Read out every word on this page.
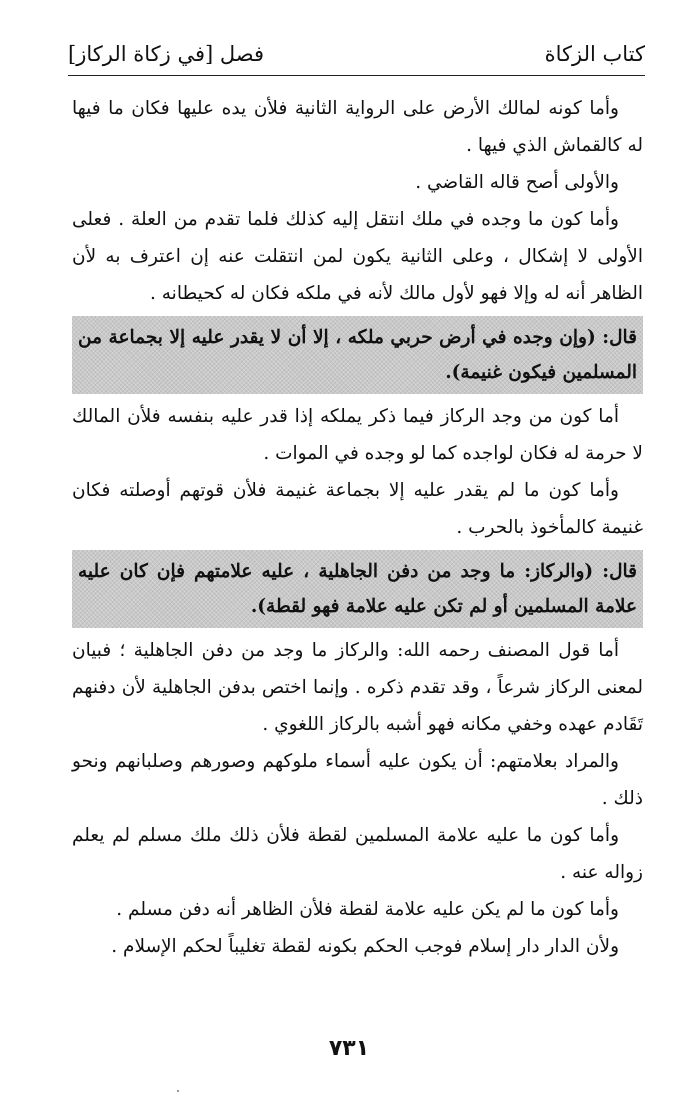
كتاب الزكاة
فصل [في زكاة الركاز]

وأما كونه لمالك الأرض على الرواية الثانية فلأن يده عليها فكان ما فيها له كالقماش الذي فيها .

والأولى أصح قاله القاضي .

وأما كون ما وجده في ملك انتقل إليه كذلك فلما تقدم من العلة . فعلى الأولى لا إشكال ، وعلى الثانية يكون لمن انتقلت عنه إن اعترف به لأن الظاهر أنه له وإلا فهو لأول مالك لأنه في ملكه فكان له كحيطانه .

قال: (وإن وجده في أرض حربي ملكه ، إلا أن لا يقدر عليه إلا بجماعة من المسلمين فيكون غنيمة).

أما كون من وجد الركاز فيما ذكر يملكه إذا قدر عليه بنفسه فلأن المالك لا حرمة له فكان لواجده كما لو وجده في الموات .

وأما كون ما لم يقدر عليه إلا بجماعة غنيمة فلأن قوتهم أوصلته فكان غنيمة كالمأخوذ بالحرب .

قال: (والركاز: ما وجد من دفن الجاهلية ، عليه علامتهم فإن كان عليه علامة المسلمين أو لم تكن عليه علامة فهو لقطة).

أما قول المصنف رحمه الله: والركاز ما وجد من دفن الجاهلية ؛ فبيان لمعنى الركاز شرعاً ، وقد تقدم ذكره . وإنما اختص بدفن الجاهلية لأن دفنهم تَقَادم عهده وخفي مكانه فهو أشبه بالركاز اللغوي .

والمراد بعلامتهم: أن يكون عليه أسماء ملوكهم وصورهم وصلبانهم ونحو ذلك .

وأما كون ما عليه علامة المسلمين لقطة فلأن ذلك ملك مسلم لم يعلم زواله عنه .

وأما كون ما لم يكن عليه علامة لقطة فلأن الظاهر أنه دفن مسلم .

ولأن الدار دار إسلام فوجب الحكم بكونه لقطة تغليباً لحكم الإسلام .

٧٣١
